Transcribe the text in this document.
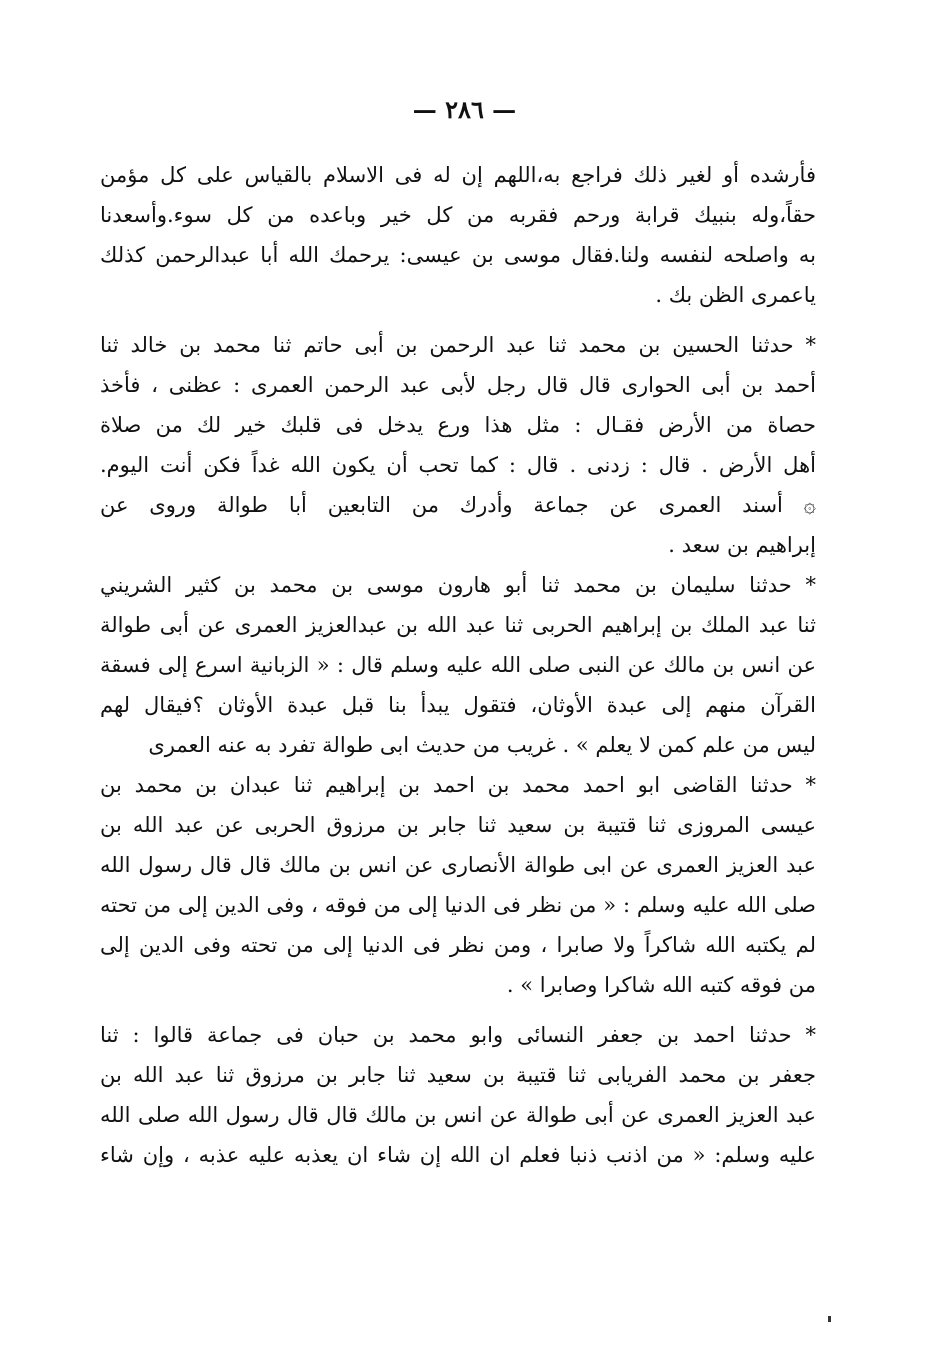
— ٢٨٦ —
فأرشده أو لغير ذلك فراجع به،اللهم إن له فى الاسلام بالقياس على كل مؤمن
حقاً،وله بنبيك قرابة ورحم فقربه من كل خير وباعده من كل سوء.وأسعدنا
به واصلحه لنفسه ولنا.فقال موسى بن عيسى: يرحمك الله أبا عبدالرحمن كذلك
ياعمرى الظن بك .
* حدثنا الحسين بن محمد ثنا عبد الرحمن بن أبى حاتم ثنا محمد بن خالد ثنا
أحمد بن أبى الحوارى قال قال رجل لأبى عبد الرحمن العمرى : عظنى ، فأخذ
حصاة من الأرض فقـال : مثل هذا ورع يدخل فى قلبك خير لك من صلاة
أهل الأرض . قال : زدنى . قال : كما تحب أن يكون الله غداً فكن أنت اليوم.
۞ أسند العمرى عن جماعة وأدرك من التابعين أبا طوالة وروى عن
إبراهيم بن سعد .
* حدثنا سليمان بن محمد ثنا أبو هارون موسى بن محمد بن كثير الشريني
ثنا عبد الملك بن إبراهيم الحربى ثنا عبد الله بن عبدالعزيز العمرى عن أبى طوالة
عن انس بن مالك عن النبى صلى الله عليه وسلم قال : « الزبانية اسرع إلى فسقة
القرآن منهم إلى عبدة الأوثان، فتقول يبدأ بنا قبل عبدة الأوثان ؟فيقال لهم
ليس من علم كمن لا يعلم » . غريب من حديث ابى طوالة تفرد به عنه العمرى
* حدثنا القاضى ابو احمد محمد بن احمد بن إبراهيم ثنا عبدان بن محمد بن
عيسى المروزى ثنا قتيبة بن سعيد ثنا جابر بن مرزوق الحربى عن عبد الله بن
عبد العزيز العمرى عن ابى طوالة الأنصارى عن انس بن مالك قال قال رسول الله
صلى الله عليه وسلم : « من نظر فى الدنيا إلى من فوقه ، وفى الدين إلى من تحته
لم يكتبه الله شاكراً ولا صابرا ، ومن نظر فى الدنيا إلى من تحته وفى الدين إلى
من فوقه كتبه الله شاكرا وصابرا » .
* حدثنا احمد بن جعفر النسائى وابو محمد بن حبان فى جماعة قالوا : ثنا
جعفر بن محمد الفريابى ثنا قتيبة بن سعيد ثنا جابر بن مرزوق ثنا عبد الله بن
عبد العزيز العمرى عن أبى طوالة عن انس بن مالك قال قال رسول الله صلى الله
عليه وسلم: « من اذنب ذنبا فعلم ان الله إن شاء ان يعذبه عليه عذبه ، وإن شاء
